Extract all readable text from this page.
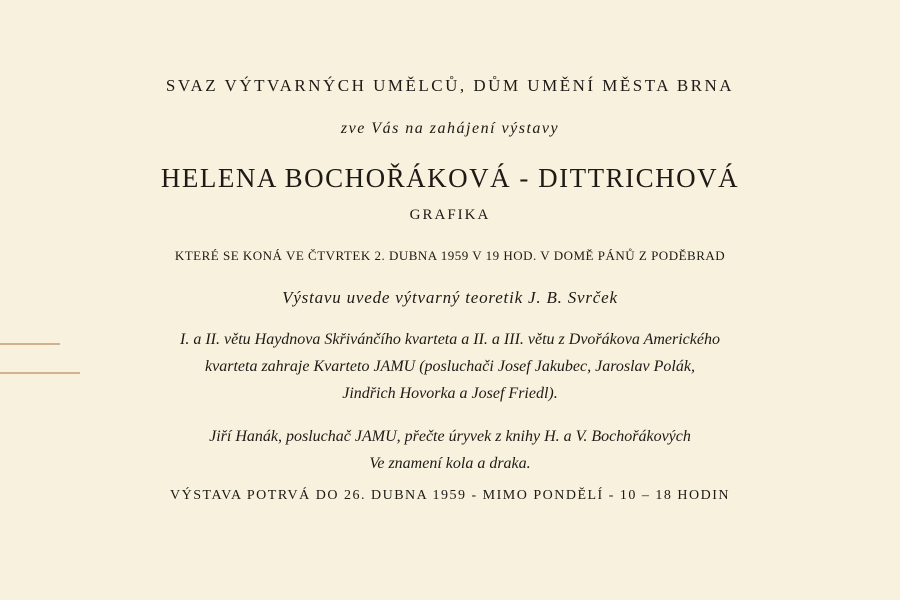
SVAZ VÝTVARNÝCH UMĚLCŮ, DŮM UMĚNÍ MĚSTA BRNA
zve Vás na zahájení výstavy
HELENA BOCHOŘÁKOVÁ - DITTRICHOVÁ
GRAFIKA
KTERÉ SE KONÁ VE ČTVRTEK 2. DUBNA 1959 V 19 HOD. V DOMĚ PÁNŮ Z PODĚBRAD
Výstavu uvede výtvarný teoretik J. B. Svrček
I. a II. větu Haydnova Skřivánčího kvarteta a II. a III. větu z Dvořákova Amerického
kvarteta zahraje Kvarteto JAMU (posluchači Josef Jakubec, Jaroslav Polák,
Jindřich Hovorka a Josef Friedl).
Jiří Hanák, posluchač JAMU, přečte úryvek z knihy H. a V. Bochořákových
Ve znamení kola a draka.
VÝSTAVA POTRVÁ DO 26. DUBNA 1959 - MIMO PONDĚLÍ - 10 – 18 HODIN
